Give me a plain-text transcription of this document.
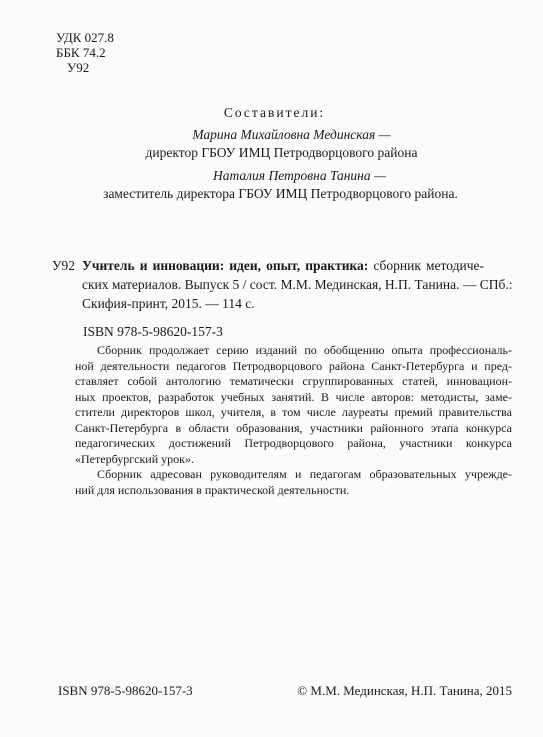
УДК 027.8
ББК 74.2
У92
Составители:
Марина Михайловна Мединская —
директор ГБОУ ИМЦ Петродворцового района
Наталия Петровна Танина —
заместитель директора ГБОУ ИМЦ Петродворцового района.
У92 Учитель и инновации: идеи, опыт, практика: сборник методиче-
ских материалов. Выпуск 5 / сост. М.М. Мединская, Н.П. Танина. — СПб.:
Скифия-принт, 2015. — 114 с.
ISBN 978-5-98620-157-3
Сборник продолжает серию изданий по обобщению опыта профессиональ-
ной деятельности педагогов Петродворцового района Санкт-Петербурга и пред-
ставляет собой антологию тематически сгруппированных статей, инновацион-
ных проектов, разработок учебных занятий. В числе авторов: методисты, заме-
стители директоров школ, учителя, в том числе лауреаты премий правительства
Санкт-Петербурга в области образования, участники районного этапа конкурса
педагогических достижений Петродворцового района, участники конкурса
«Петербургский урок».
Сборник адресован руководителям и педагогам образовательных учрежде-
ний для использования в практической деятельности.
ISBN 978-5-98620-157-3	© М.М. Мединская, Н.П. Танина, 2015
